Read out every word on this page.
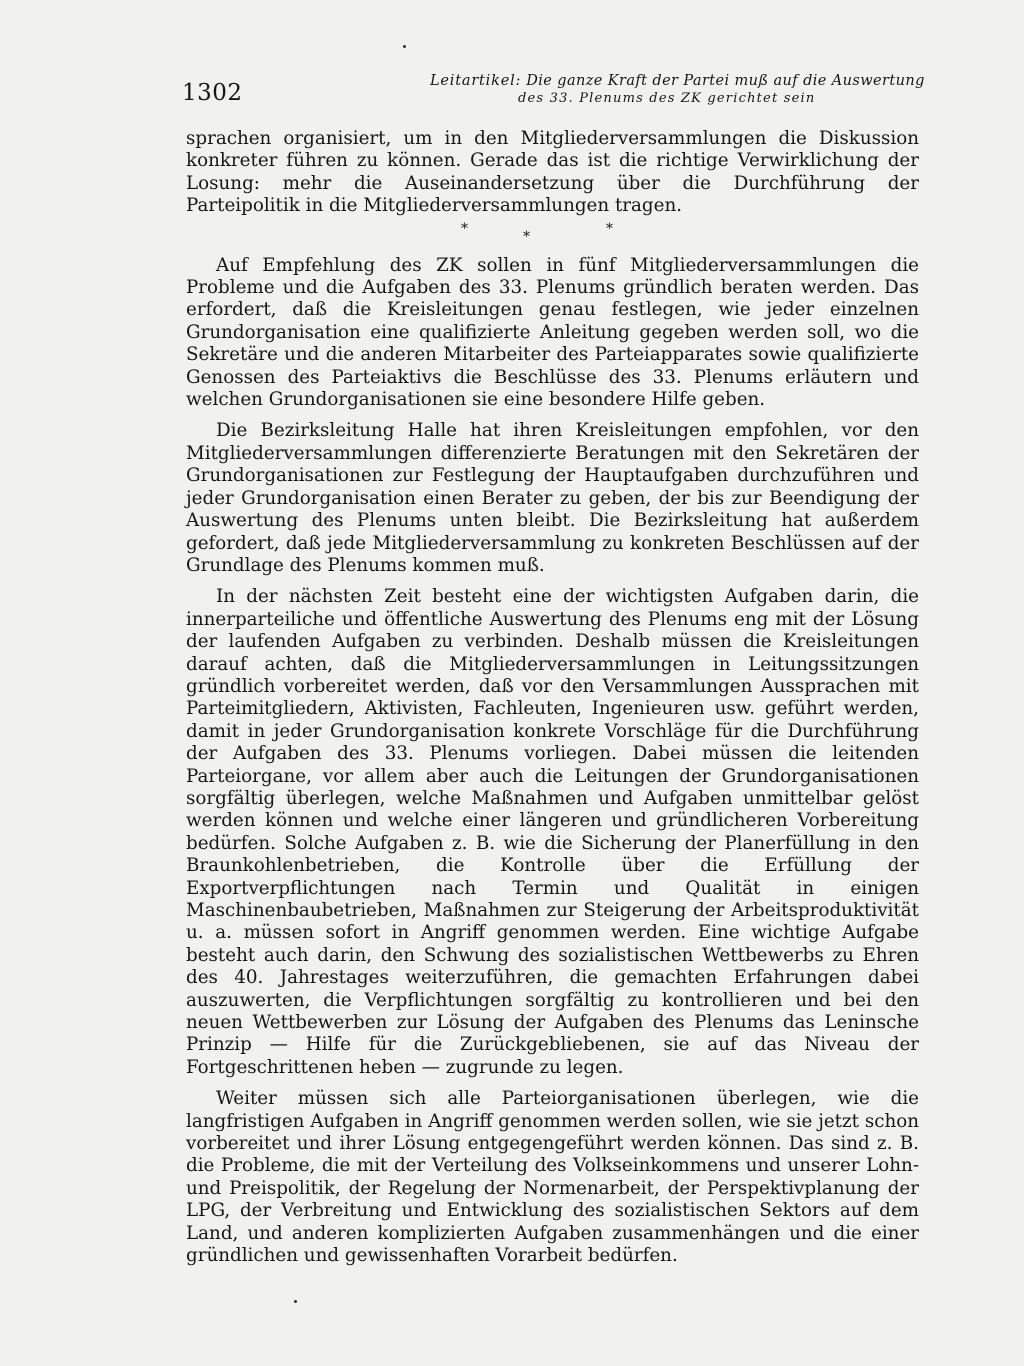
1302	Leitartikel: Die ganze Kraft der Partei muß auf die Auswertung
des 33. Plenums des ZK gerichtet sein

sprachen organisiert, um in den Mitgliederversammlungen die Diskussion konkreter führen zu können. Gerade das ist die richtige Verwirklichung der Losung: mehr die Auseinandersetzung über die Durchführung der Parteipolitik in die Mitgliederversammlungen tragen.

*	*	*

Auf Empfehlung des ZK sollen in fünf Mitgliederversammlungen die Probleme und die Aufgaben des 33. Plenums gründlich beraten werden. Das erfordert, daß die Kreisleitungen genau festlegen, wie jeder einzelnen Grundorganisation eine qualifizierte Anleitung gegeben werden soll, wo die Sekretäre und die anderen Mitarbeiter des Parteiapparates sowie qualifizierte Genossen des Parteiaktivs die Beschlüsse des 33. Plenums erläutern und welchen Grundorganisationen sie eine besondere Hilfe geben.

Die Bezirksleitung Halle hat ihren Kreisleitungen empfohlen, vor den Mitgliederversammlungen differenzierte Beratungen mit den Sekretären der Grundorganisationen zur Festlegung der Hauptaufgaben durchzuführen und jeder Grundorganisation einen Berater zu geben, der bis zur Beendigung der Auswertung des Plenums unten bleibt. Die Bezirksleitung hat außerdem gefordert, daß jede Mitgliederversammlung zu konkreten Beschlüssen auf der Grundlage des Plenums kommen muß.

In der nächsten Zeit besteht eine der wichtigsten Aufgaben darin, die innerparteiliche und öffentliche Auswertung des Plenums eng mit der Lösung der laufenden Aufgaben zu verbinden. Deshalb müssen die Kreisleitungen darauf achten, daß die Mitgliederversammlungen in Leitungssitzungen gründlich vorbereitet werden, daß vor den Versammlungen Aussprachen mit Parteimitgliedern, Aktivisten, Fachleuten, Ingenieuren usw. geführt werden, damit in jeder Grundorganisation konkrete Vorschläge für die Durchführung der Aufgaben des 33. Plenums vorliegen. Dabei müssen die leitenden Parteiorgane, vor allem aber auch die Leitungen der Grundorganisationen sorgfältig überlegen, welche Maßnahmen und Aufgaben unmittelbar gelöst werden können und welche einer längeren und gründlicheren Vorbereitung bedürfen. Solche Aufgaben z. B. wie die Sicherung der Planerfüllung in den Braunkohlenbetrieben, die Kontrolle über die Erfüllung der Exportverpflichtungen nach Termin und Qualität in einigen Maschinenbaubetrieben, Maßnahmen zur Steigerung der Arbeitsproduktivität u. a. müssen sofort in Angriff genommen werden. Eine wichtige Aufgabe besteht auch darin, den Schwung des sozialistischen Wettbewerbs zu Ehren des 40. Jahrestages weiterzuführen, die gemachten Erfahrungen dabei auszuwerten, die Verpflichtungen sorgfältig zu kontrollieren und bei den neuen Wettbewerben zur Lösung der Aufgaben des Plenums das Leninsche Prinzip — Hilfe für die Zurückgebliebenen, sie auf das Niveau der Fortgeschrittenen heben — zugrunde zu legen.

Weiter müssen sich alle Parteiorganisationen überlegen, wie die langfristigen Aufgaben in Angriff genommen werden sollen, wie sie jetzt schon vorbereitet und ihrer Lösung entgegengeführt werden können. Das sind z. B. die Probleme, die mit der Verteilung des Volkseinkommens und unserer Lohn- und Preispolitik, der Regelung der Normenarbeit, der Perspektivplanung der LPG, der Verbreitung und Entwicklung des sozialistischen Sektors auf dem Land, und anderen komplizierten Aufgaben zusammenhängen und die einer gründlichen und gewissenhaften Vorarbeit bedürfen.
